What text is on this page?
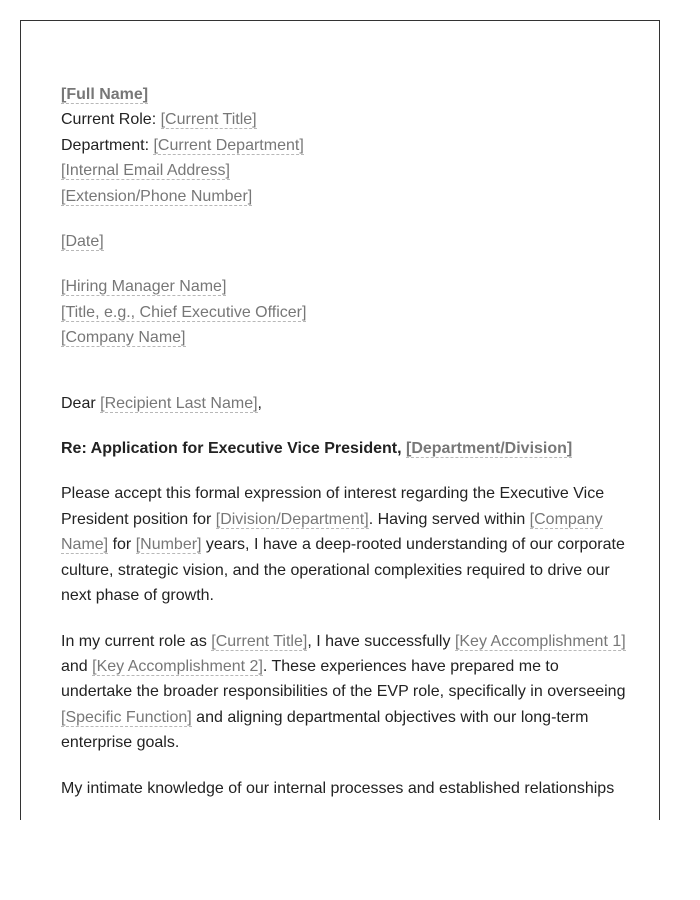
[Full Name]
Current Role: [Current Title]
Department: [Current Department]
[Internal Email Address]
[Extension/Phone Number]
[Date]
[Hiring Manager Name]
[Title, e.g., Chief Executive Officer]
[Company Name]
Dear [Recipient Last Name],
Re: Application for Executive Vice President, [Department/Division]

Please accept this formal expression of interest regarding the Executive Vice President position for [Division/Department]. Having served within [Company Name] for [Number] years, I have a deep-rooted understanding of our corporate culture, strategic vision, and the operational complexities required to drive our next phase of growth.

In my current role as [Current Title], I have successfully [Key Accomplishment 1] and [Key Accomplishment 2]. These experiences have prepared me to undertake the broader responsibilities of the EVP role, specifically in overseeing [Specific Function] and aligning departmental objectives with our long-term enterprise goals.

My intimate knowledge of our internal processes and established relationships
